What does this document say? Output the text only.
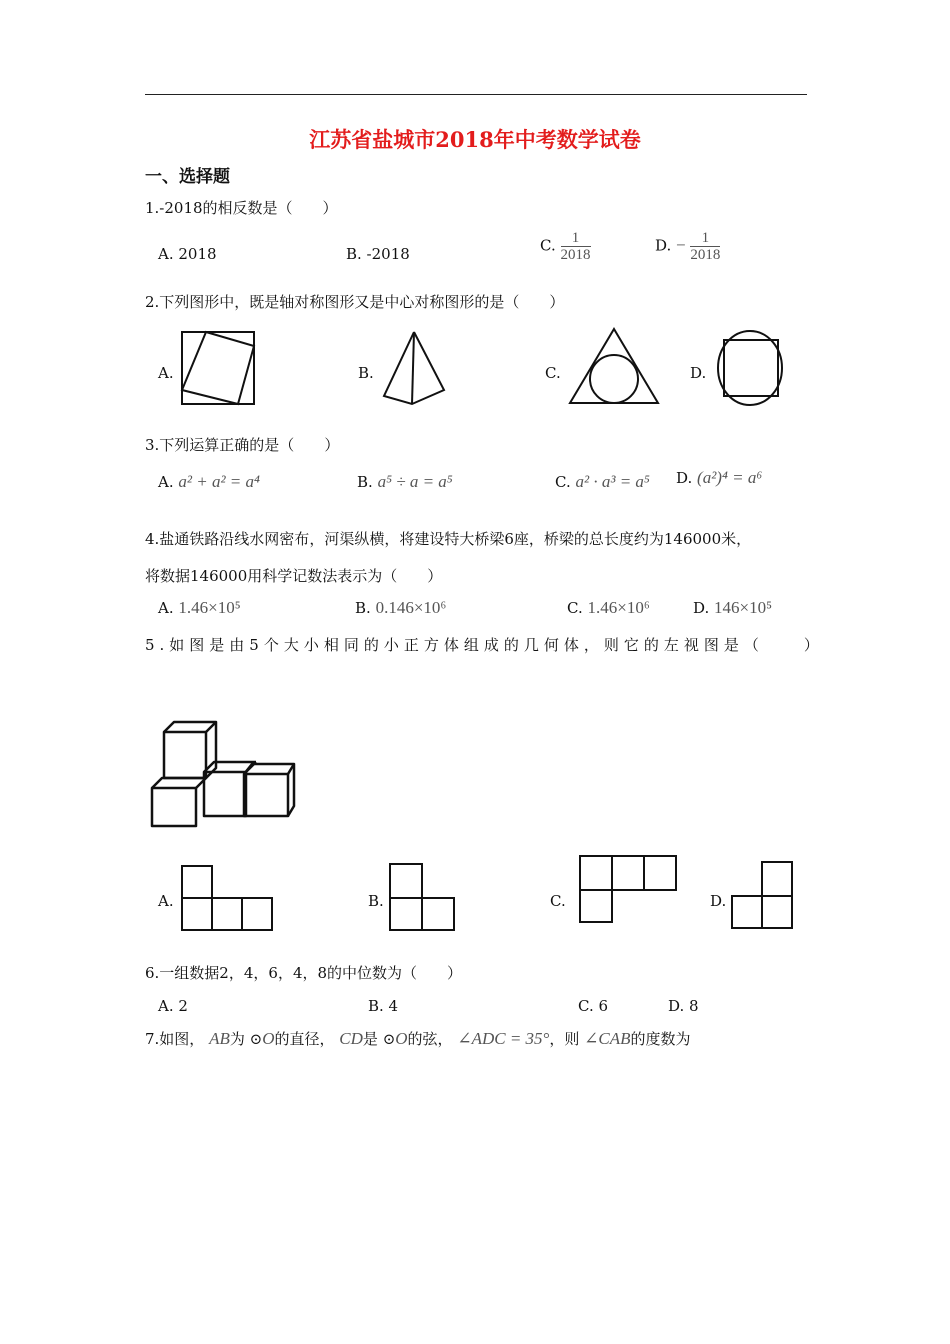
江苏省盐城市2018年中考数学试卷
一、选择题
1.-2018的相反数是（　　）
A. 2018	B. -2018	C. $\frac{1}{2018}$	D. − $\frac{1}{2018}$
2.下列图形中，既是轴对称图形又是中心对称图形的是（　　）
A.	B.	C.	D.
3.下列运算正确的是（　　）
A. a² + a² = a⁴	B. a⁵ ÷ a = a⁵	C. a² · a³ = a⁵ D. (a²)⁴ = a⁶
4.盐通铁路沿线水网密布，河渠纵横，将建设特大桥梁6座，桥梁的总长度约为146000米，
将数据146000用科学记数法表示为（　　）
A. 1.46×10⁵	B. 0.146×10⁶	C. 1.46×10⁶	D. 146×10⁵
5.如图是由5个大小相同的小正方体组成的几何体，则它的左视图是（　　）
A.	B.	C.	D.
6.一组数据2，4，6，4，8的中位数为（　　）
A. 2	B. 4	C. 6	D. 8
7.如图， AB为 ⊙O的直径， CD是 ⊙O的弦， ∠ADC = 35°，则 ∠CAB的度数为
